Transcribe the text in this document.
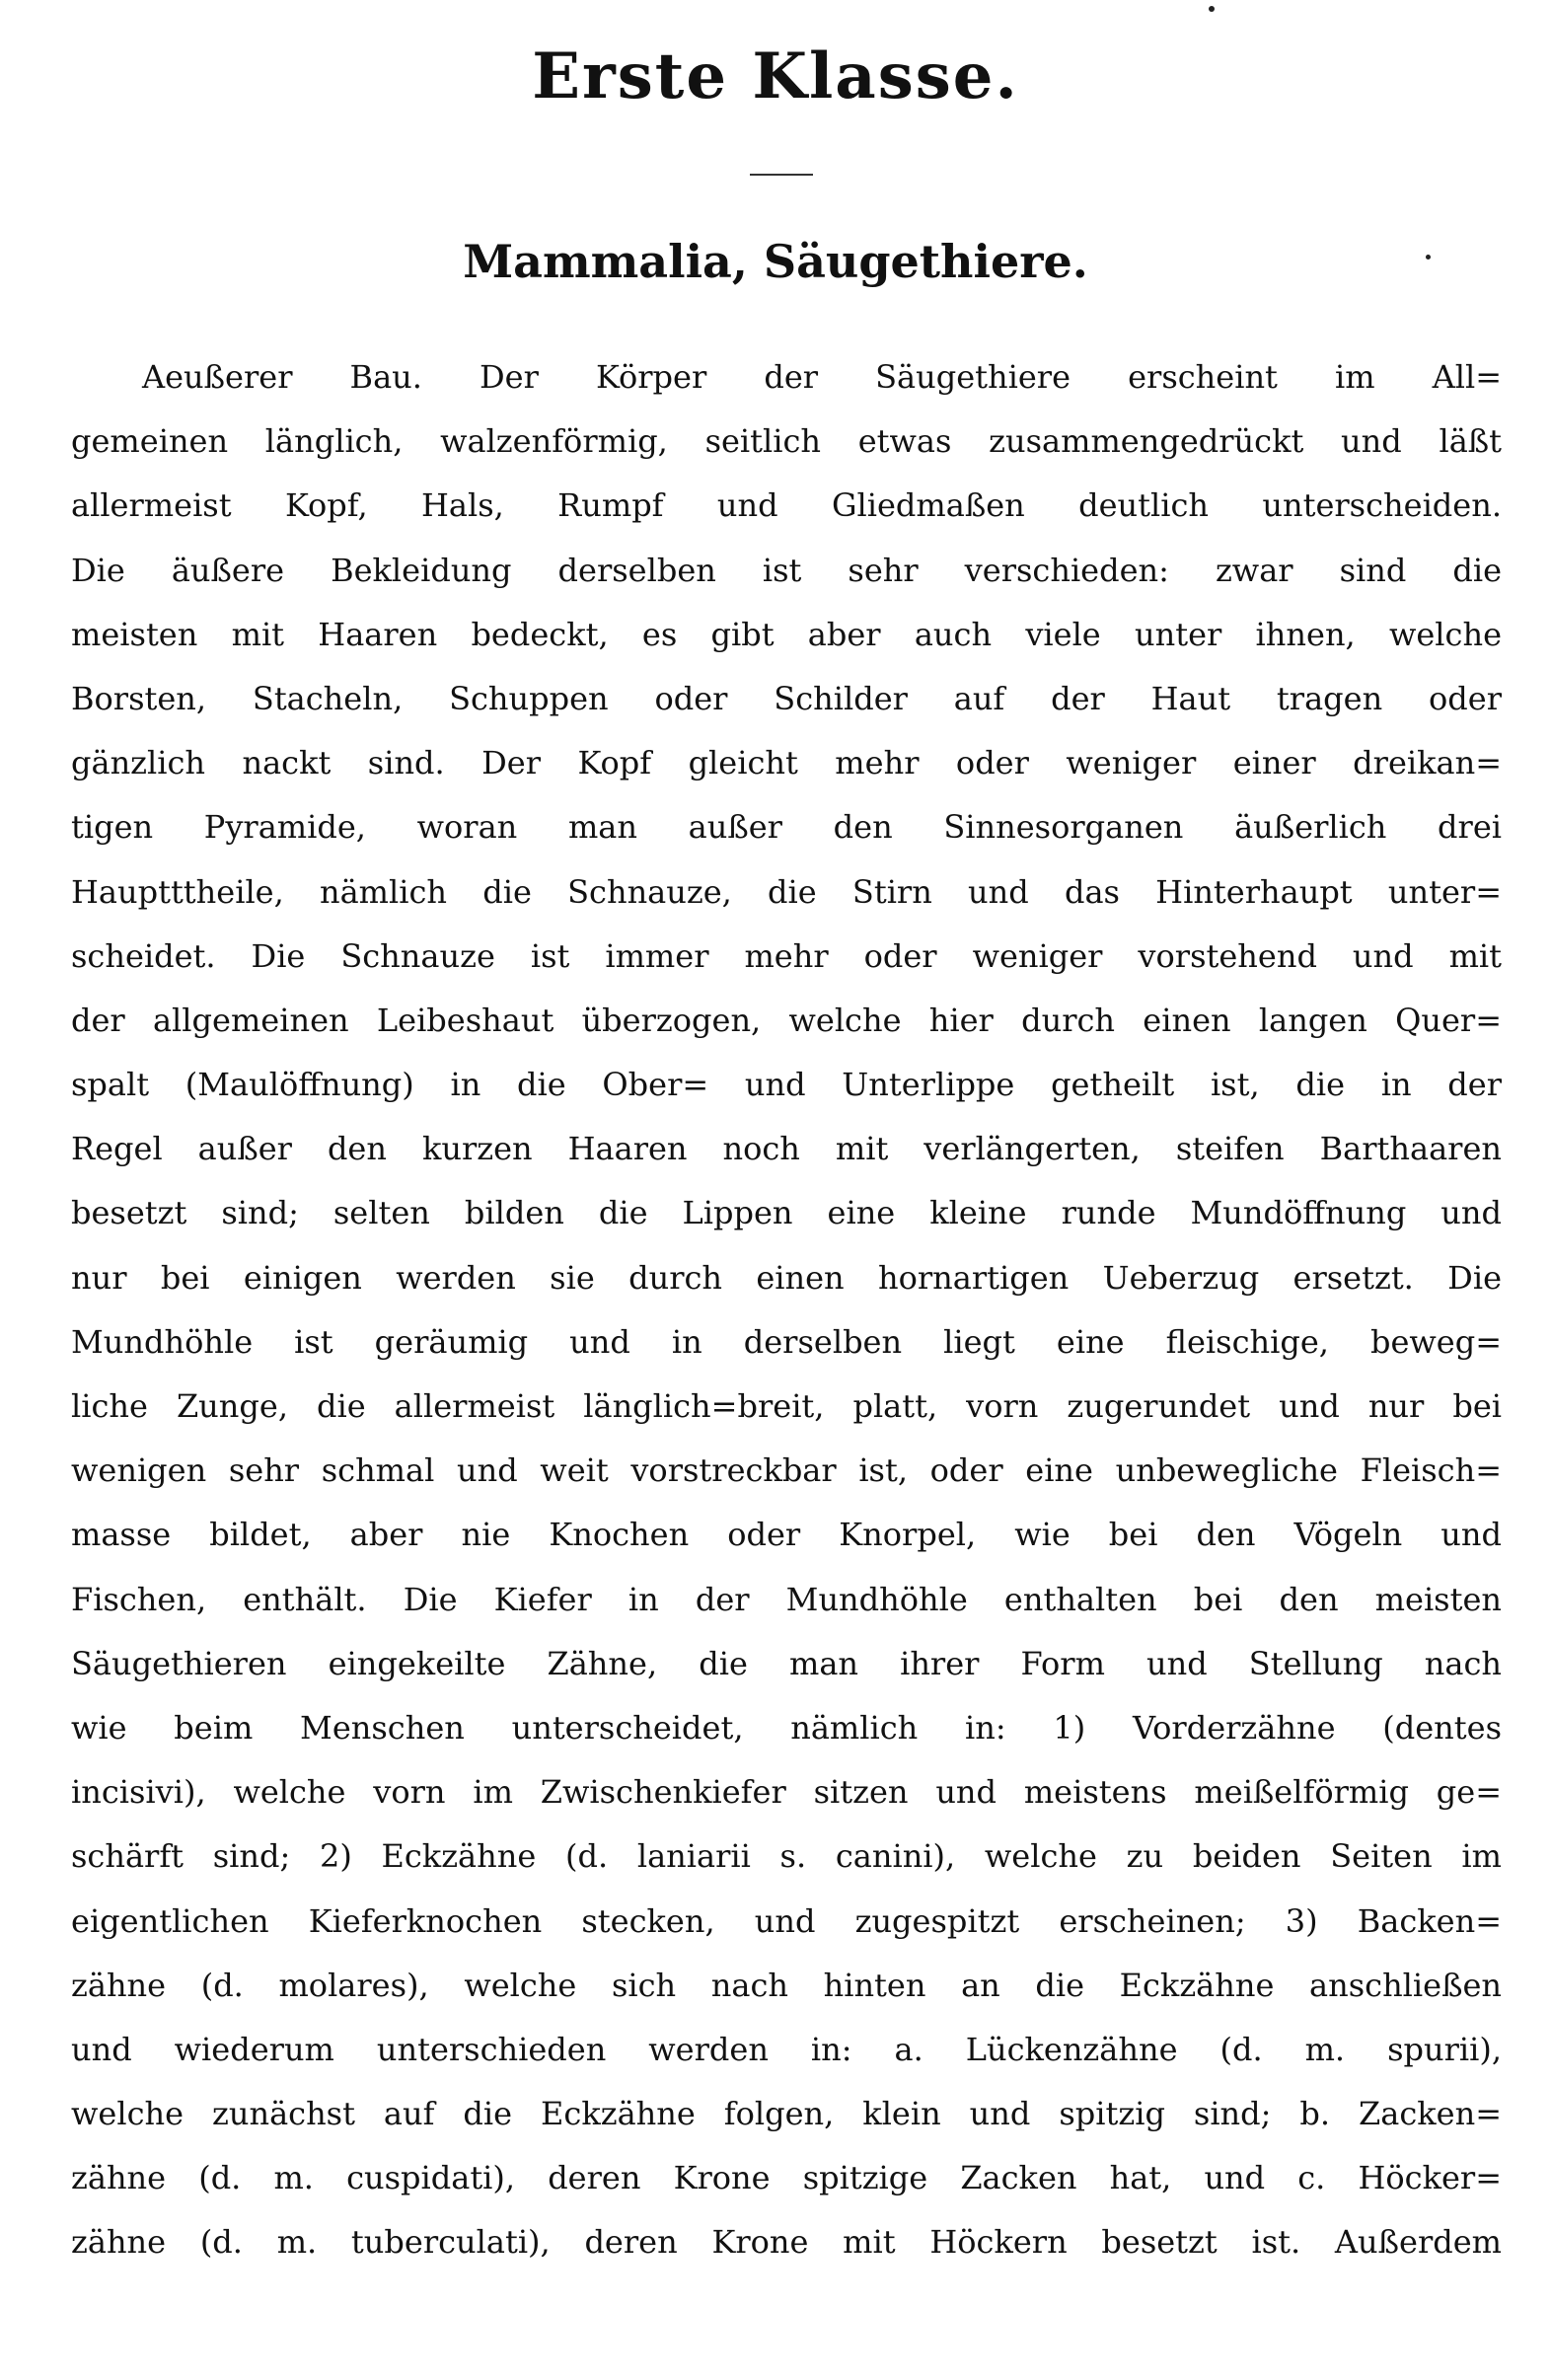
Erste Klasse.
Mammalia, Säugethiere.
Aeußerer Bau. Der Körper der Säugethiere erscheint im All=
gemeinen länglich, walzenförmig, seitlich etwas zusammengedrückt und läßt
allermeist Kopf, Hals, Rumpf und Gliedmaßen deutlich unterscheiden.
Die äußere Bekleidung derselben ist sehr verschieden: zwar sind die
meisten mit Haaren bedeckt, es gibt aber auch viele unter ihnen, welche
Borsten, Stacheln, Schuppen oder Schilder auf der Haut tragen oder
gänzlich nackt sind. Der Kopf gleicht mehr oder weniger einer dreikan=
tigen Pyramide, woran man außer den Sinnesorganen äußerlich drei
Hauptttheile, nämlich die Schnauze, die Stirn und das Hinterhaupt unter=
scheidet. Die Schnauze ist immer mehr oder weniger vorstehend und mit
der allgemeinen Leibeshaut überzogen, welche hier durch einen langen Quer=
spalt (Maulöffnung) in die Ober= und Unterlippe getheilt ist, die in der
Regel außer den kurzen Haaren noch mit verlängerten, steifen Barthaaren
besetzt sind; selten bilden die Lippen eine kleine runde Mundöffnung und
nur bei einigen werden sie durch einen hornartigen Ueberzug ersetzt. Die
Mundhöhle ist geräumig und in derselben liegt eine fleischige, beweg=
liche Zunge, die allermeist länglich=breit, platt, vorn zugerundet und nur bei
wenigen sehr schmal und weit vorstreckbar ist, oder eine unbewegliche Fleisch=
masse bildet, aber nie Knochen oder Knorpel, wie bei den Vögeln und
Fischen, enthält. Die Kiefer in der Mundhöhle enthalten bei den meisten
Säugethieren eingekeilte Zähne, die man ihrer Form und Stellung nach
wie beim Menschen unterscheidet, nämlich in: 1) Vorderzähne (dentes
incisivi), welche vorn im Zwischenkiefer sitzen und meistens meißelförmig ge=
schärft sind; 2) Eckzähne (d. laniarii s. canini), welche zu beiden Seiten im
eigentlichen Kieferknochen stecken, und zugespitzt erscheinen; 3) Backen=
zähne (d. molares), welche sich nach hinten an die Eckzähne anschließen
und wiederum unterschieden werden in: a. Lückenzähne (d. m. spurii),
welche zunächst auf die Eckzähne folgen, klein und spitzig sind; b. Zacken=
zähne (d. m. cuspidati), deren Krone spitzige Zacken hat, und c. Höcker=
zähne (d. m. tuberculati), deren Krone mit Höckern besetzt ist. Außerdem
